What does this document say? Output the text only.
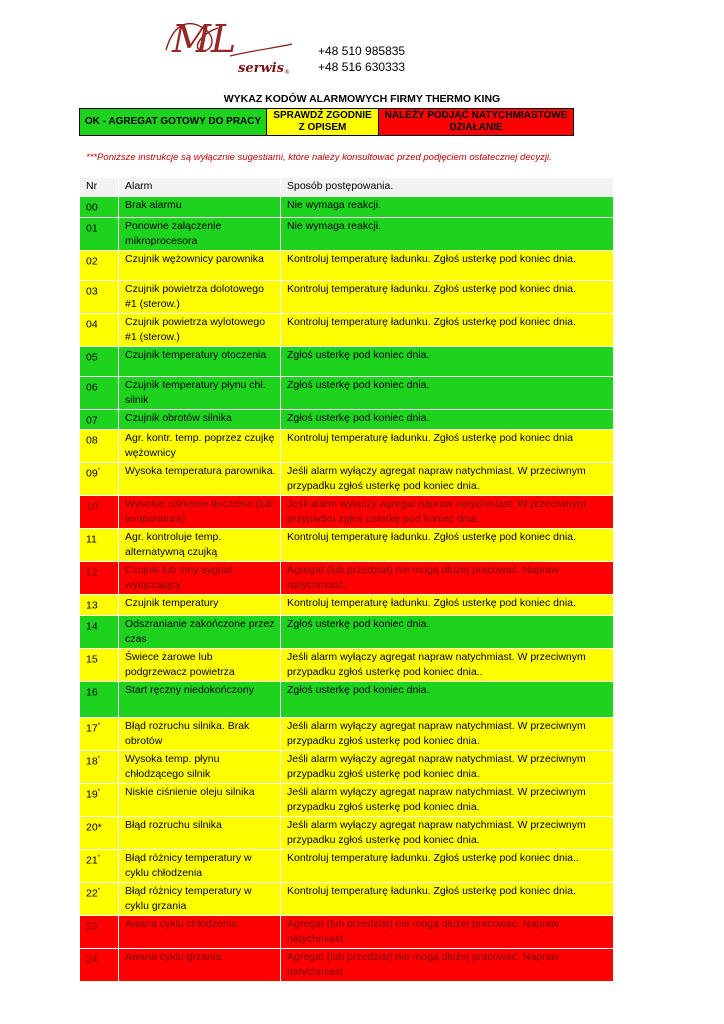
ML
serwis ®
+48 510 985835
+48 516 630333
WYKAZ KODÓW ALARMOWYCH FIRMY THERMO KING
OK - AGREGAT GOTOWY DO PRACY	SPRAWDŹ ZGODNIE Z OPISEM	NALEŻY PODJĄĆ NATYCHMIASTOWE DZIAŁANIE
***Poniższe instrukcje są wyłącznie sugestiami, które należy konsultować przed podjęciem ostatecznej decyzji.
Nr	Alarm	Sposób postępowania.
00	Brak alarmu	Nie wymaga reakcji.
01	Ponowne załączenie mikroprocesora	Nie wymaga reakcji.
02	Czujnik wężownicy parownika	Kontroluj temperaturę ładunku. Zgłoś usterkę pod koniec dnia.
03	Czujnik powietrza dolotowego #1 (sterow.)	Kontroluj temperaturę ładunku. Zgłoś usterkę pod koniec dnia.
04	Czujnik powietrza wylotowego #1 (sterow.)	Kontroluj temperaturę ładunku. Zgłoś usterkę pod koniec dnia.
05	Czujnik temperatury otoczenia	Zgłoś usterkę pod koniec dnia.
06	Czujnik temperatury płynu chł. silnik	Zgłoś usterkę pod koniec dnia.
07	Czujnik obrotów silnika	Zgłoś usterkę pod koniec dnia.
08	Agr. kontr. temp. poprzez czujkę wężownicy	Kontroluj temperaturę ładunku. Zgłoś usterkę pod koniec dnia
09*	Wysoka temperatura parownika.	Jeśli alarm wyłączy agregat napraw natychmiast. W przeciwnym przypadku zgłoś usterkę pod koniec dnia.
10*	Wysokie ciśnienie tłoczenia (lub temperatura)	Jeśli alarm wyłączy agregat napraw natychmiast. W przeciwnym przypadku zgłoś usterkę pod koniec dnia.
11	Agr. kontroluje temp. alternatywną czujką	Kontroluj temperaturę ładunku. Zgłoś usterkę pod koniec dnia.
12	Czujnik lub inny sygnał wyłączający	Agregat (lub przedział) nie mogą dłużej pracować. Napraw natychmiast.
13	Czujnik temperatury	Kontroluj temperaturę ładunku. Zgłoś usterkę pod koniec dnia.
14	Odszranianie zakończone przez czas	Zgłoś usterkę pod koniec dnia.
15	Świece żarowe lub podgrzewacz powietrza	Jeśli alarm wyłączy agregat napraw natychmiast. W przeciwnym przypadku zgłoś usterkę pod koniec dnia..
16	Start ręczny niedokończony	Zgłoś usterkę pod koniec dnia.
17*	Błąd rozruchu silnika. Brak obrotów	Jeśli alarm wyłączy agregat napraw natychmiast. W przeciwnym przypadku zgłoś usterkę pod koniec dnia.
18*	Wysoka temp. płynu chłodzącego silnik	Jeśli alarm wyłączy agregat napraw natychmiast. W przeciwnym przypadku zgłoś usterkę pod koniec dnia.
19*	Niskie ciśnienie oleju silnika	Jeśli alarm wyłączy agregat napraw natychmiast. W przeciwnym przypadku zgłoś usterkę pod koniec dnia.
20*	Błąd rozruchu silnika	Jeśli alarm wyłączy agregat napraw natychmiast. W przeciwnym przypadku zgłoś usterkę pod koniec dnia.
21*	Błąd różnicy temperatury w cyklu chłodzenia	Kontroluj temperaturę ładunku. Zgłoś usterkę pod koniec dnia..
22*	Błąd różnicy temperatury w cyklu grzania	Kontroluj temperaturę ładunku. Zgłoś usterkę pod koniec dnia.
23*	Awaria cyklu chłodzenia	Agregat (lub przedział) nie mogą dłużej pracować. Napraw natychmiast.
24	Awaria cyklu grzania.	Agregat (lub przedział) nie mogą dłużej pracować. Napraw natychmiast.
